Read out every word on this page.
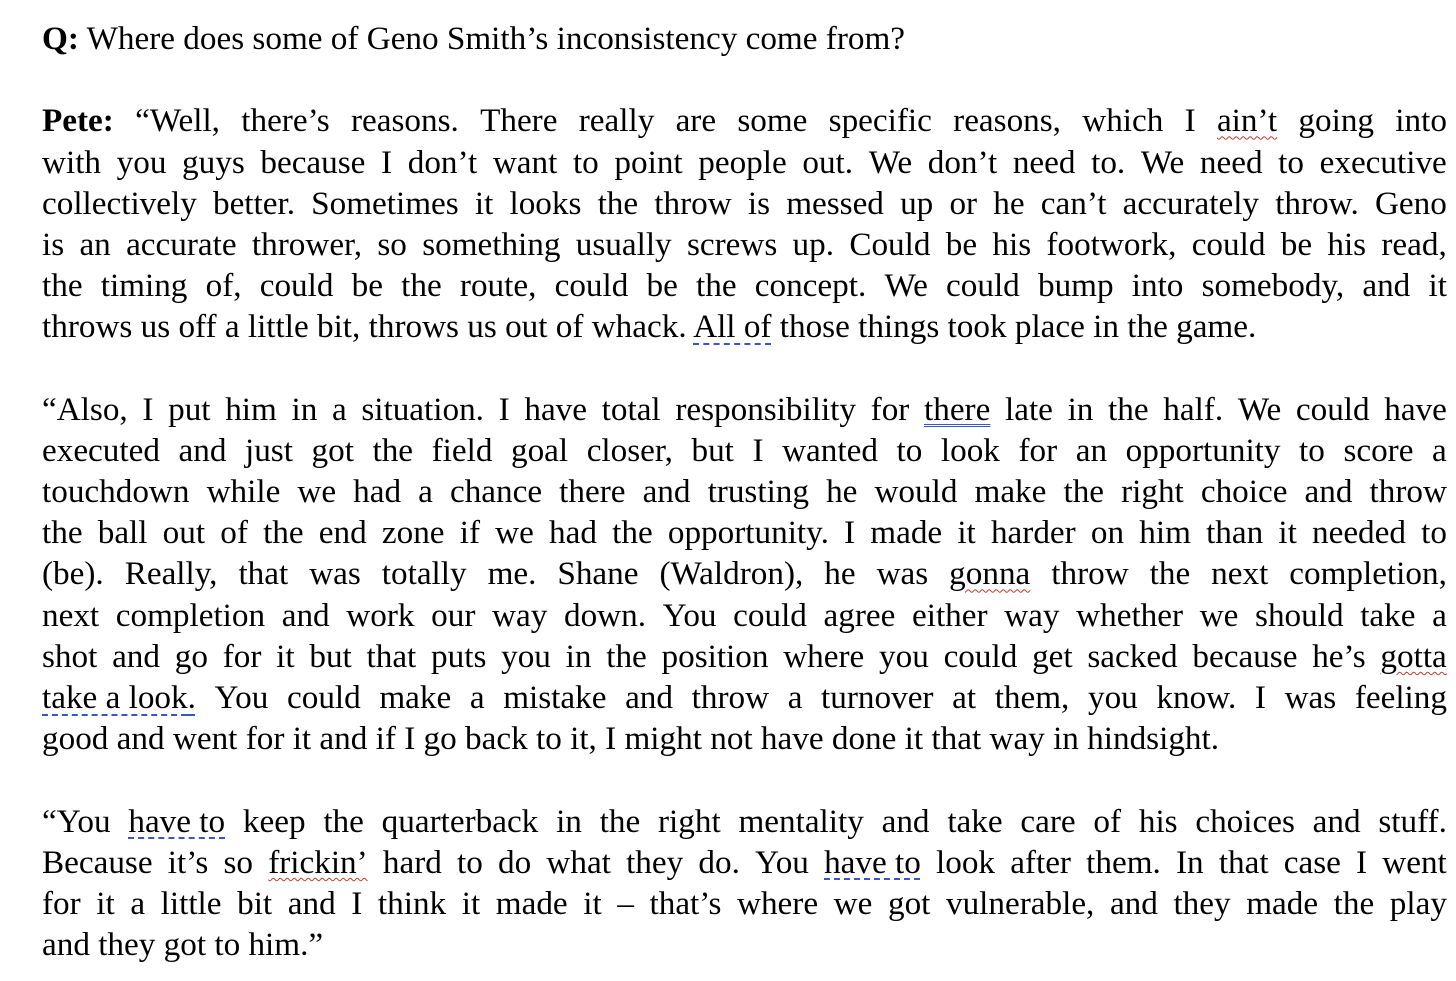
Q: Where does some of Geno Smith’s inconsistency come from?
Pete: “Well, there’s reasons. There really are some specific reasons, which I ain’t going into
with you guys because I don’t want to point people out. We don’t need to. We need to executive
collectively better. Sometimes it looks the throw is messed up or he can’t accurately throw. Geno
is an accurate thrower, so something usually screws up. Could be his footwork, could be his read,
the timing of, could be the route, could be the concept. We could bump into somebody, and it
throws us off a little bit, throws us out of whack. All of those things took place in the game.
“Also, I put him in a situation. I have total responsibility for there late in the half. We could have
executed and just got the field goal closer, but I wanted to look for an opportunity to score a
touchdown while we had a chance there and trusting he would make the right choice and throw
the ball out of the end zone if we had the opportunity. I made it harder on him than it needed to
(be). Really, that was totally me. Shane (Waldron), he was gonna throw the next completion,
next completion and work our way down. You could agree either way whether we should take a
shot and go for it but that puts you in the position where you could get sacked because he’s gotta
take a look. You could make a mistake and throw a turnover at them, you know. I was feeling
good and went for it and if I go back to it, I might not have done it that way in hindsight.
“You have to keep the quarterback in the right mentality and take care of his choices and stuff.
Because it’s so frickin’ hard to do what they do. You have to look after them. In that case I went
for it a little bit and I think it made it – that’s where we got vulnerable, and they made the play
and they got to him.”
